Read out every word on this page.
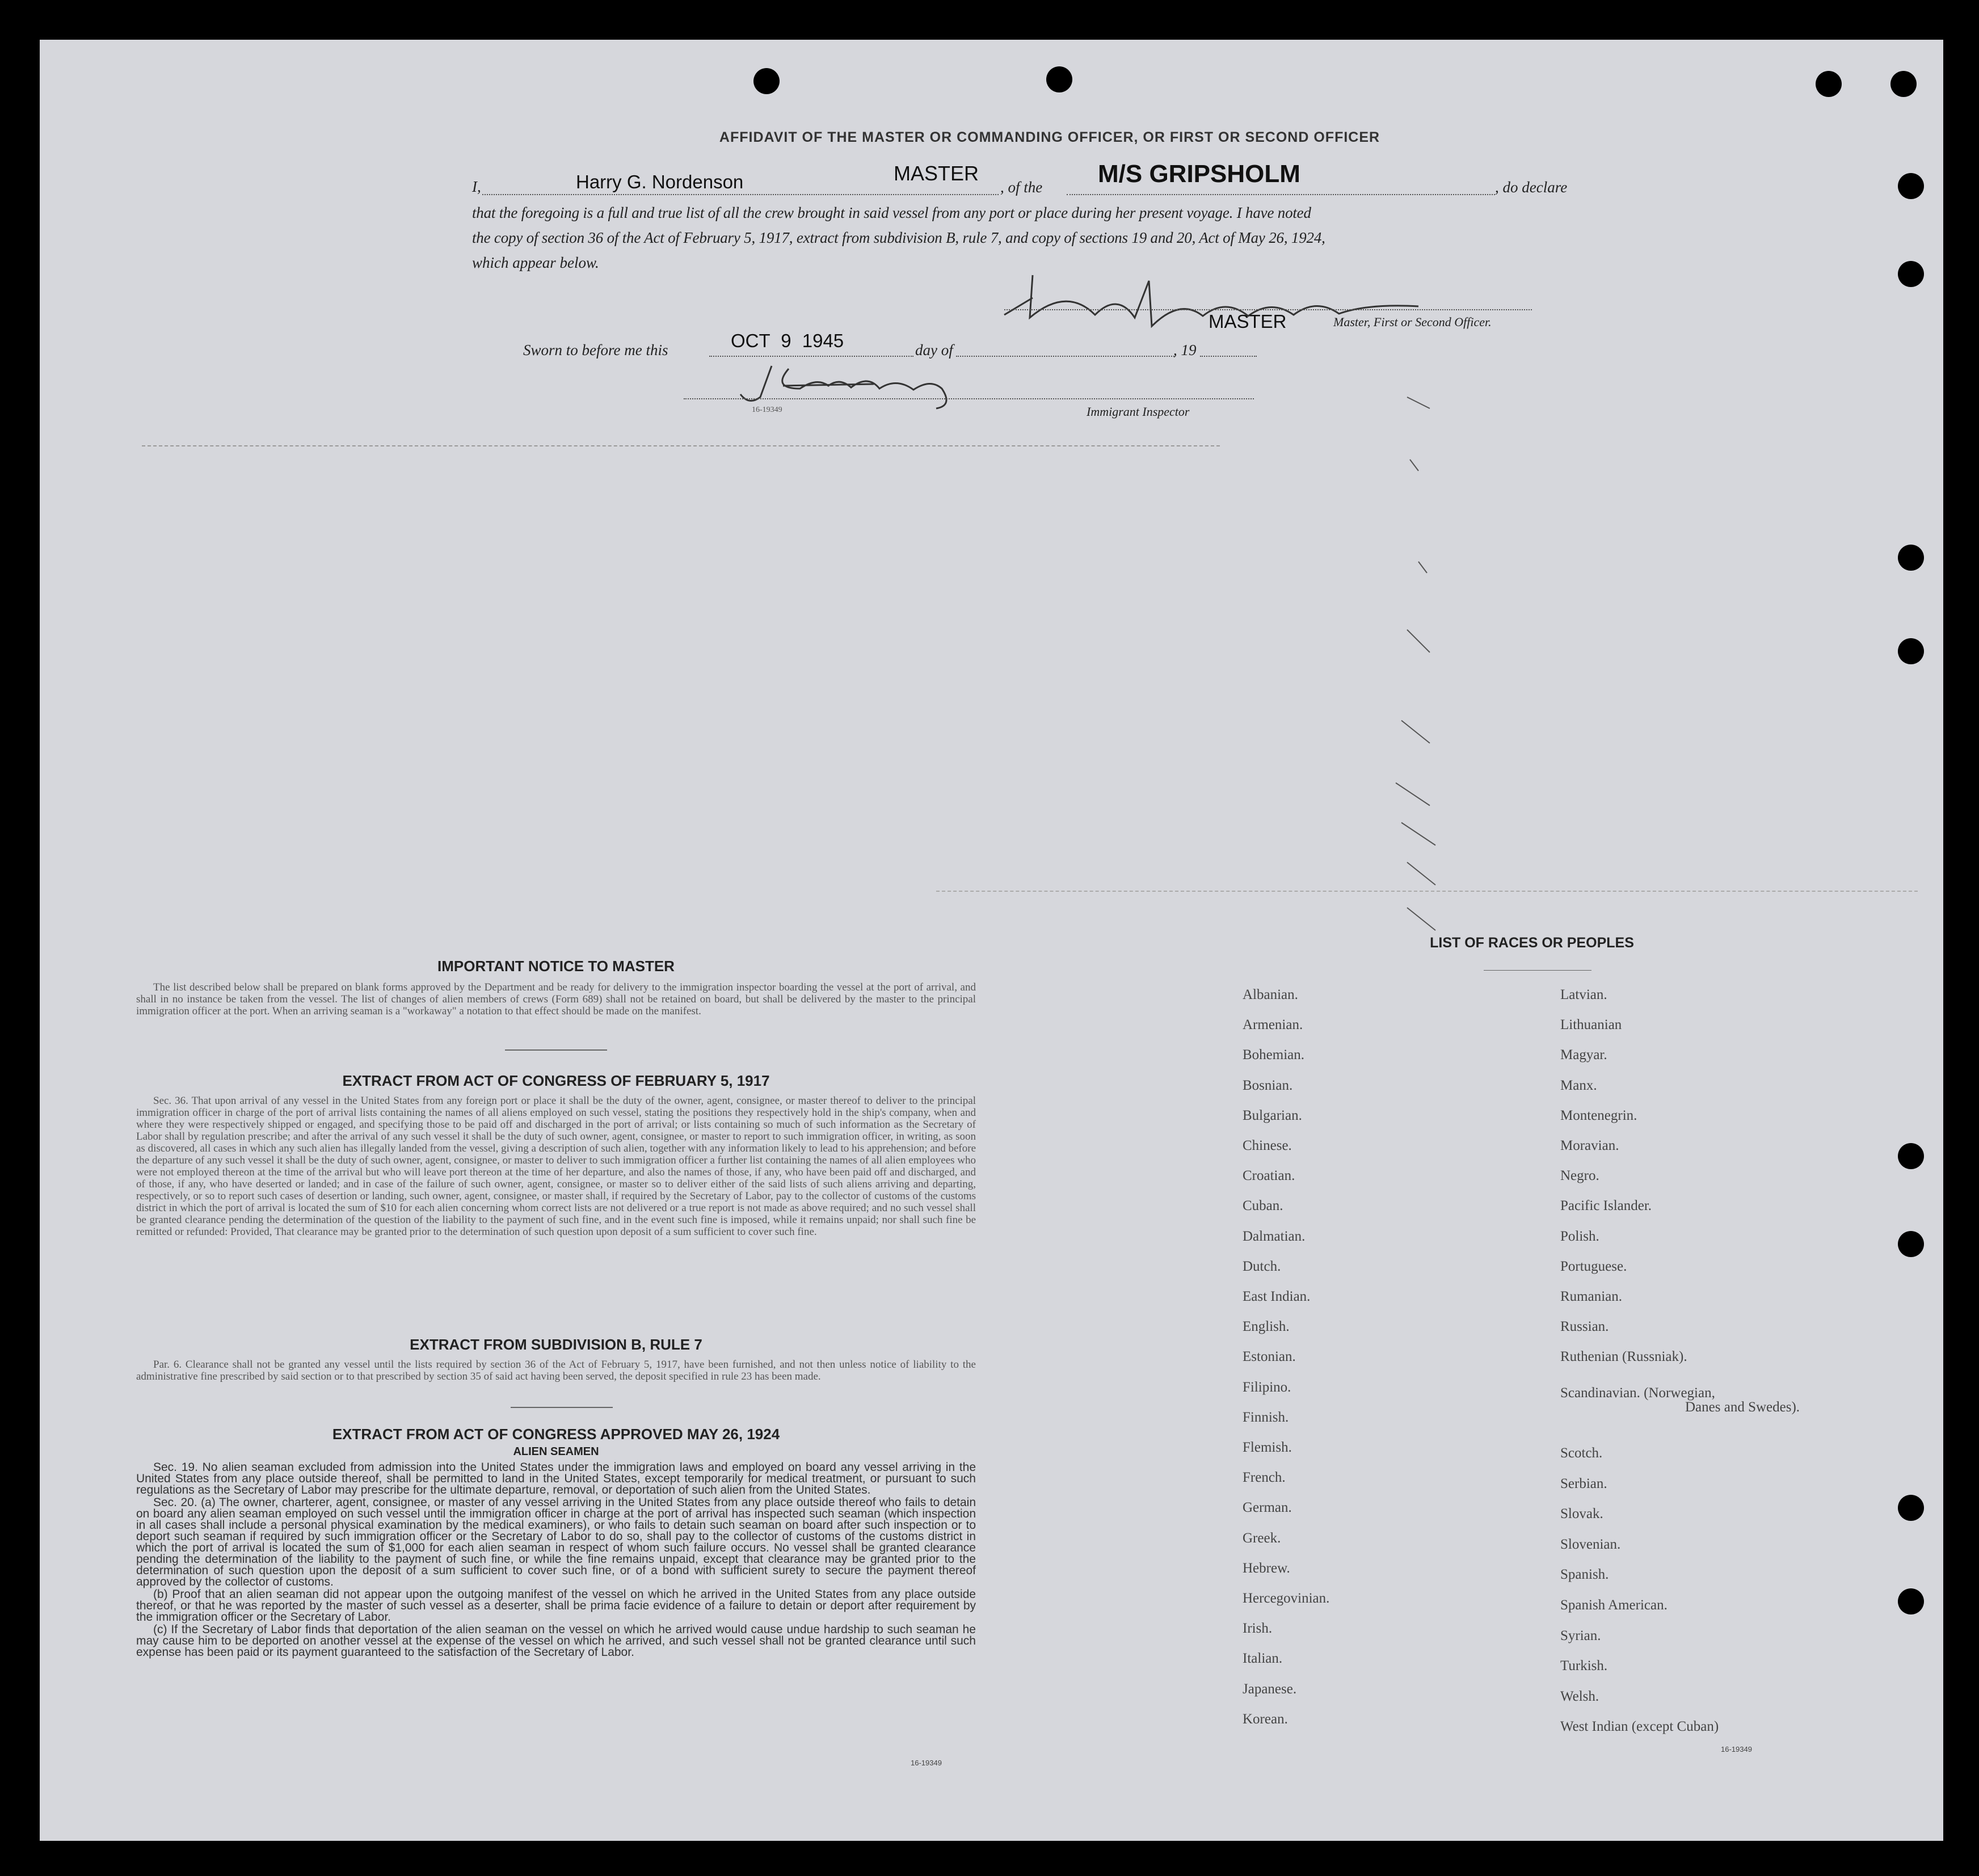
AFFIDAVIT OF THE MASTER OR COMMANDING OFFICER, OR FIRST OR SECOND OFFICER
I,	Harry G. Nordenson	MASTER
, of the M/S GRIPSHOLM	, do declare
that the foregoing is a full and true list of all the crew brought in said vessel from any port or place during her present voyage. I have noted
the copy of section 36 of the Act of February 5, 1917, extract from subdivision B, rule 7, and copy of sections 19 and 20, Act of May 26, 1924,
which appear below.
MASTER	Master, First or Second Officer.
Sworn to before me this	OCT 9 1945	day of	, 19
16-19349	Immigrant Inspector
IMPORTANT NOTICE TO MASTER

The list described below shall be prepared on blank forms approved by the Department and be ready for delivery to the immigration inspector boarding the vessel at the port of arrival, and shall in no instance be taken from the vessel. The list of changes of alien members of crews (Form 689) shall not be retained on board, but shall be delivered by the master to the principal immigration officer at the port. When an arriving seaman is a "workaway" a notation to that effect should be made on the manifest.

EXTRACT FROM ACT OF CONGRESS OF FEBRUARY 5, 1917

Sec. 36. That upon arrival of any vessel in the United States from any foreign port or place it shall be the duty of the owner, agent, consignee, or master thereof to deliver to the principal immigration officer in charge of the port of arrival lists containing the names of all aliens employed on such vessel, stating the positions they respectively hold in the ship's company, when and where they were respectively shipped or engaged, and specifying those to be paid off and discharged in the port of arrival; or lists containing so much of such information as the Secretary of Labor shall by regulation prescribe; and after the arrival of any such vessel it shall be the duty of such owner, agent, consignee, or master to report to such immigration officer, in writing, as soon as discovered, all cases in which any such alien has illegally landed from the vessel, giving a description of such alien, together with any information likely to lead to his apprehension; and before the departure of any such vessel it shall be the duty of such owner, agent, consignee, or master to deliver to such immigration officer a further list containing the names of all alien employees who were not employed thereon at the time of the arrival but who will leave port thereon at the time of her departure, and also the names of those, if any, who have been paid off and discharged, and of those, if any, who have deserted or landed; and in case of the failure of such owner, agent, consignee, or master so to deliver either of the said lists of such aliens arriving and departing, respectively, or so to report such cases of desertion or landing, such owner, agent, consignee, or master shall, if required by the Secretary of Labor, pay to the collector of customs of the customs district in which the port of arrival is located the sum of $10 for each alien concerning whom correct lists are not delivered or a true report is not made as above required; and no such vessel shall be granted clearance pending the determination of the question of the liability to the payment of such fine, and in the event such fine is imposed, while it remains unpaid; nor shall such fine be remitted or refunded: Provided, That clearance may be granted prior to the determination of such question upon deposit of a sum sufficient to cover such fine.

EXTRACT FROM SUBDIVISION B, RULE 7

Par. 6. Clearance shall not be granted any vessel until the lists required by section 36 of the Act of February 5, 1917, have been furnished, and not then unless notice of liability to the administrative fine prescribed by said section or to that prescribed by section 35 of said act having been served, the deposit specified in rule 23 has been made.

EXTRACT FROM ACT OF CONGRESS APPROVED MAY 26, 1924
ALIEN SEAMEN

Sec. 19. No alien seaman excluded from admission into the United States under the immigration laws and employed on board any vessel arriving in the United States from any place outside thereof, shall be permitted to land in the United States, except temporarily for medical treatment, or pursuant to such regulations as the Secretary of Labor may prescribe for the ultimate departure, removal, or deportation of such alien from the United States.

Sec. 20. (a) The owner, charterer, agent, consignee, or master of any vessel arriving in the United States from any place outside thereof who fails to detain on board any alien seaman employed on such vessel until the immigration officer in charge at the port of arrival has inspected such seaman (which inspection in all cases shall include a personal physical examination by the medical examiners), or who fails to detain such seaman on board after such inspection or to deport such seaman if required by such immigration officer or the Secretary of Labor to do so, shall pay to the collector of customs of the customs district in which the port of arrival is located the sum of $1,000 for each alien seaman in respect of whom such failure occurs. No vessel shall be granted clearance pending the determination of the liability to the payment of such fine, or while the fine remains unpaid, except that clearance may be granted prior to the determination of such question upon the deposit of a sum sufficient to cover such fine, or of a bond with sufficient surety to secure the payment thereof approved by the collector of customs.

(b) Proof that an alien seaman did not appear upon the outgoing manifest of the vessel on which he arrived in the United States from any place outside thereof, or that he was reported by the master of such vessel as a deserter, shall be prima facie evidence of a failure to detain or deport after requirement by the immigration officer or the Secretary of Labor.

(c) If the Secretary of Labor finds that deportation of the alien seaman on the vessel on which he arrived would cause undue hardship to such seaman he may cause him to be deported on another vessel at the expense of the vessel on which he arrived, and such vessel shall not be granted clearance until such expense has been paid or its payment guaranteed to the satisfaction of the Secretary of Labor.

16-19349
LIST OF RACES OR PEOPLES
Danes and Swedes).
16-19349
Albanian.
Armenian.
Bohemian.
Bosnian.
Bulgarian.
Chinese.
Croatian.
Cuban.
Dalmatian.
Dutch.
East Indian.
English.
Estonian.
Filipino.
Finnish.
Flemish.
French.
German.
Greek.
Hebrew.
Hercegovinian.
Irish.
Italian.
Japanese.
Korean.
Latvian.
Lithuanian
Magyar.
Manx.
Montenegrin.
Moravian.
Negro.
Pacific Islander.
Polish.
Portuguese.
Rumanian.
Russian.
Ruthenian (Russniak).
Scandinavian. (Norwegian,
Scotch.
Serbian.
Slovak.
Slovenian.
Spanish.
Spanish American.
Syrian.
Turkish.
Welsh.
West Indian (except Cuban)
